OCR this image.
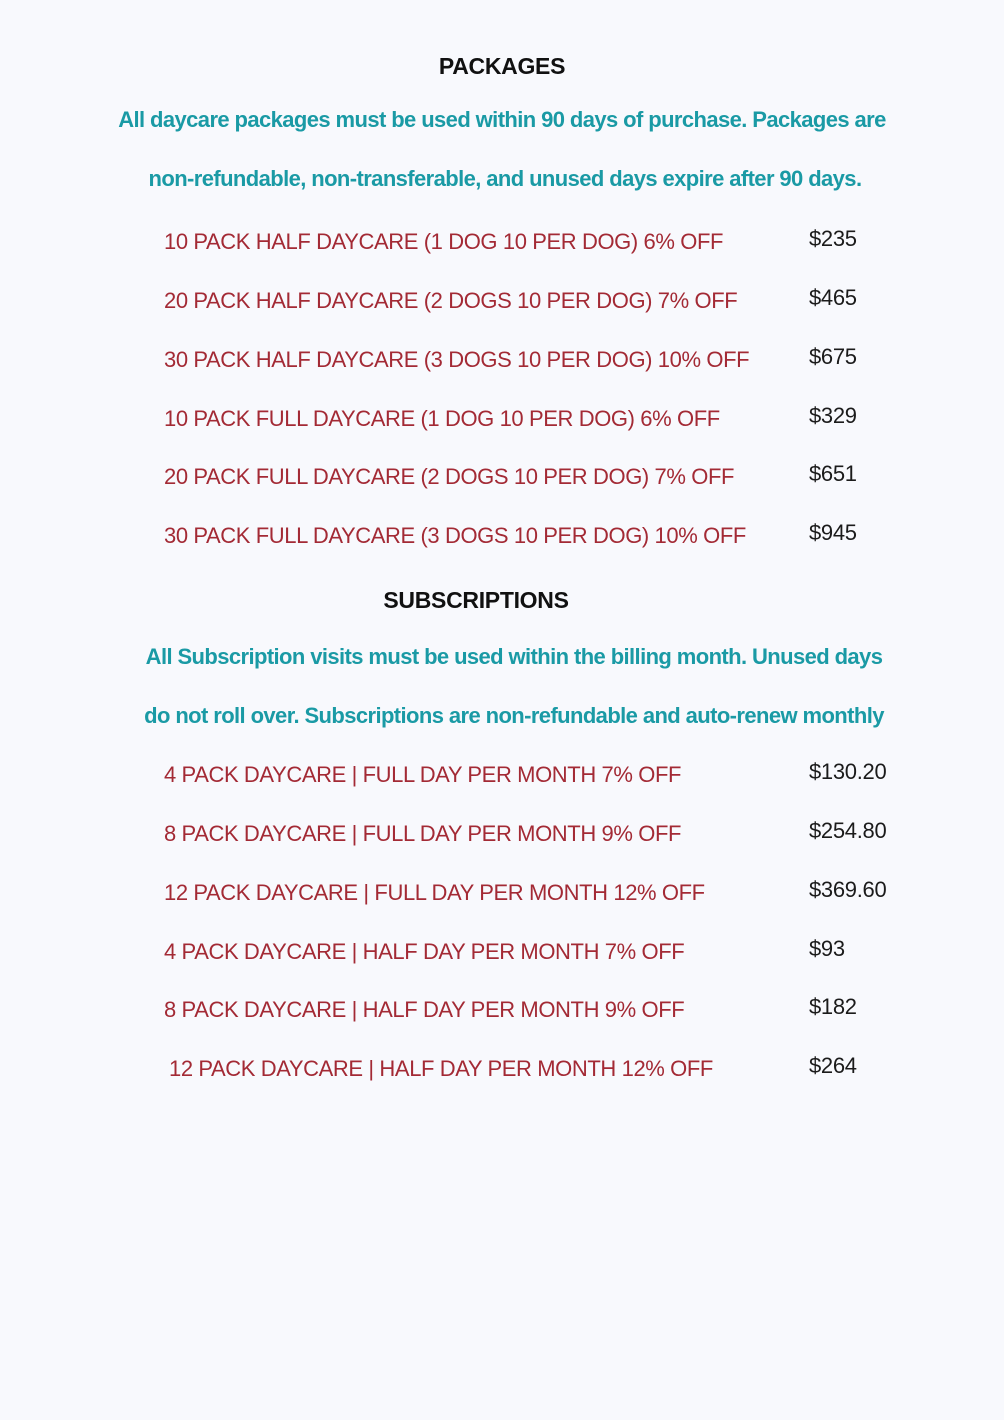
PACKAGES
All daycare packages must be used within 90 days of purchase. Packages are
non-refundable, non-transferable, and unused days expire after 90 days.
10 PACK HALF DAYCARE (1 DOG 10 PER DOG) 6% OFF	$235
20 PACK HALF DAYCARE (2 DOGS 10 PER DOG) 7% OFF	$465
30 PACK HALF DAYCARE (3 DOGS 10 PER DOG) 10% OFF	$675
10 PACK FULL DAYCARE (1 DOG 10 PER DOG) 6% OFF	$329
20 PACK FULL DAYCARE (2 DOGS 10 PER DOG) 7% OFF	$651
30 PACK FULL DAYCARE (3 DOGS 10 PER DOG) 10% OFF	$945
SUBSCRIPTIONS
All Subscription visits must be used within the billing month. Unused days
do not roll over. Subscriptions are non-refundable and auto-renew monthly
4 PACK DAYCARE | FULL DAY PER MONTH 7% OFF	$130.20
8 PACK DAYCARE | FULL DAY PER MONTH 9% OFF	$254.80
12 PACK DAYCARE | FULL DAY PER MONTH 12% OFF	$369.60
4 PACK DAYCARE | HALF DAY PER MONTH 7% OFF	$93
8 PACK DAYCARE | HALF DAY PER MONTH 9% OFF	$182
12 PACK DAYCARE | HALF DAY PER MONTH 12% OFF	$264
